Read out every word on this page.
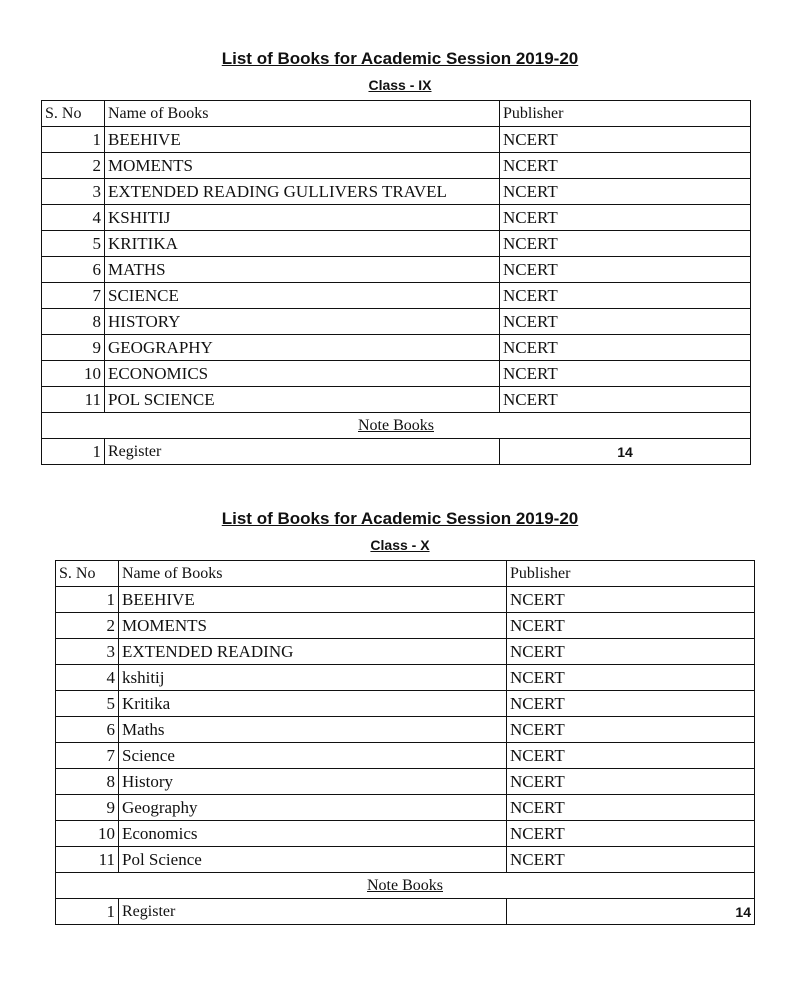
List of Books for Academic Session 2019-20
Class - IX
S. No	Name of Books	Publisher
1	BEEHIVE	NCERT
2	MOMENTS	NCERT
3	EXTENDED READING GULLIVERS TRAVEL	NCERT
4	KSHITIJ	NCERT
5	KRITIKA	NCERT
6	MATHS	NCERT
7	SCIENCE	NCERT
8	HISTORY	NCERT
9	GEOGRAPHY	NCERT
10	ECONOMICS	NCERT
11	POL SCIENCE	NCERT
Note Books		
1	Register	14
List of Books for Academic Session 2019-20
Class - X
S. No	Name of Books	Publisher
1	BEEHIVE	NCERT
2	MOMENTS	NCERT
3	EXTENDED READING	NCERT
4	kshitij	NCERT
5	Kritika	NCERT
6	Maths	NCERT
7	Science	NCERT
8	History	NCERT
9	Geography	NCERT
10	Economics	NCERT
11	Pol Science	NCERT
Note Books		
1	Register	14
